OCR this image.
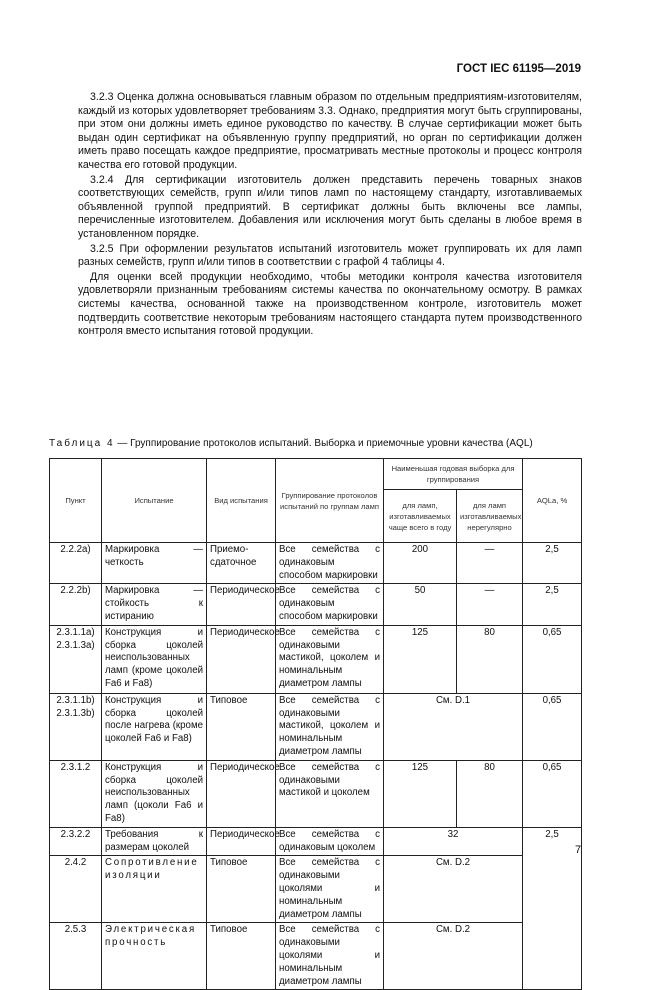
ГОСТ IEC 61195—2019

3.2.3 Оценка должна основываться главным образом по отдельным предприятиям-изготовителям, каждый из которых удовлетворяет требованиям 3.3. Однако, предприятия могут быть сгруппированы, при этом они должны иметь единое руководство по качеству. В случае сертификации может быть выдан один сертификат на объявленную группу предприятий, но орган по сертификации должен иметь право посещать каждое предприятие, просматривать местные протоколы и процесс контроля качества его готовой продукции.

3.2.4 Для сертификации изготовитель должен представить перечень товарных знаков соответствующих семейств, групп и/или типов ламп по настоящему стандарту, изготавливаемых объявленной группой предприятий. В сертификат должны быть включены все лампы, перечисленные изготовителем. Добавления или исключения могут быть сделаны в любое время в установленном порядке.

3.2.5 При оформлении результатов испытаний изготовитель может группировать их для ламп разных семейств, групп и/или типов в соответствии с графой 4 таблицы 4.

Для оценки всей продукции необходимо, чтобы методики контроля качества изготовителя удовлетворяли признанным требованиям системы качества по окончательному осмотру. В рамках системы качества, основанной также на производственном контроле, изготовитель может подтвердить соответствие некоторым требованиям настоящего стандарта путем производственного контроля вместо испытания готовой продукции.

Таблица 4 — Группирование протоколов испытаний. Выборка и приемочные уровни качества (AQL)
Пункт	Испытание	Вид испытания	Группирование протоколов испытаний по группам ламп	Наименьшая годовая выборка для группирования		AQLa, %
				для ламп, изготавливаемых чаще всего в году	для ламп изготавливаемых нерегулярно	
2.2.2a)	Маркировка — четкость	Приемо-сдаточное	Все семейства с одинаковым способом маркировки	200	—	2,5
2.2.2b)	Маркировка — стойкость к истиранию	Периодическое	Все семейства с одинаковым способом маркировки	50	—	2,5
2.3.1.1a) 2.3.1.3a)	Конструкция и сборка цоколей неиспользованных ламп (кроме цоколей Fa6 и Fa8)	Периодическое	Все семейства с одинаковыми мастикой, цоколем и номинальным диаметром лампы	125	80	0,65
2.3.1.1b) 2.3.1.3b)	Конструкция и сборка цоколей после нагрева (кроме цоколей Fa6 и Fa8)	Типовое	Все семейства с одинаковыми мастикой, цоколем и номинальным диаметром лампы	См. D.1		0,65
2.3.1.2	Конструкция и сборка цоколей неиспользованных ламп (цоколи Fa6 и Fa8)	Периодическое	Все семейства с одинаковыми мастикой и цоколем	125	80	0,65
2.3.2.2	Требования к размерам цоколей	Периодическое	Все семейства с одинаковым цоколем	32		2,5
2.4.2	Сопротивление изоляции	Типовое	Все семейства с одинаковыми цоколями и номинальным диаметром лампы	См. D.2		
2.5.3	Электрическая прочность	Типовое	Все семейства с одинаковыми цоколями и номинальным диаметром лампы	См. D.2		
7
